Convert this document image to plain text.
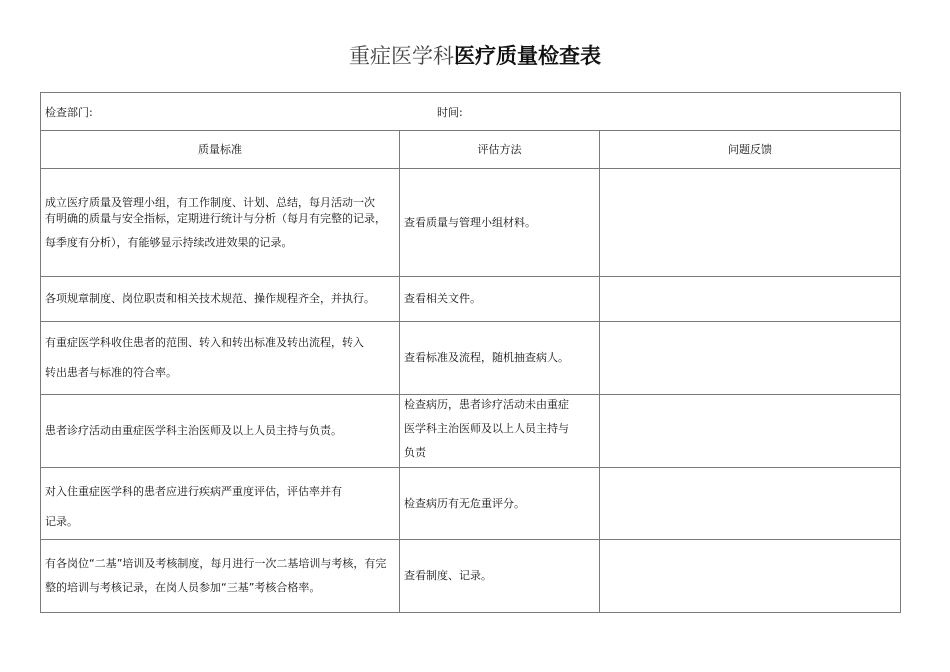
重症医学科医疗质量检查表
检查部门: 时间:		

质量标准	评估方法	问题反馈

成立医疗质量及管理小组，有工作制度、计划、总结，每月活动一次
有明确的质量与安全指标，定期进行统计与分析（每月有完整的记录，
每季度有分析），有能够显示持续改进效果的记录。	查看质量与管理小组材料。	

各项规章制度、岗位职责和相关技术规范、操作规程齐全，并执行。	查看相关文件。	

有重症医学科收住患者的范围、转入和转出标准及转出流程，转入
转出患者与标准的符合率。	查看标准及流程，随机抽查病人。	

患者诊疗活动由重症医学科主治医师及以上人员主持与负责。	检查病历，患者诊疗活动未由重症
医学科主治医师及以上人员主持与
负责	

对入住重症医学科的患者应进行疾病严重度评估，评估率并有
记录。	检查病历有无危重评分。	

有各岗位“二基”培训及考核制度，每月进行一次二基培训与考核，有完
整的培训与考核记录，在岗人员参加“三基”考核合格率。	查看制度、记录。	
